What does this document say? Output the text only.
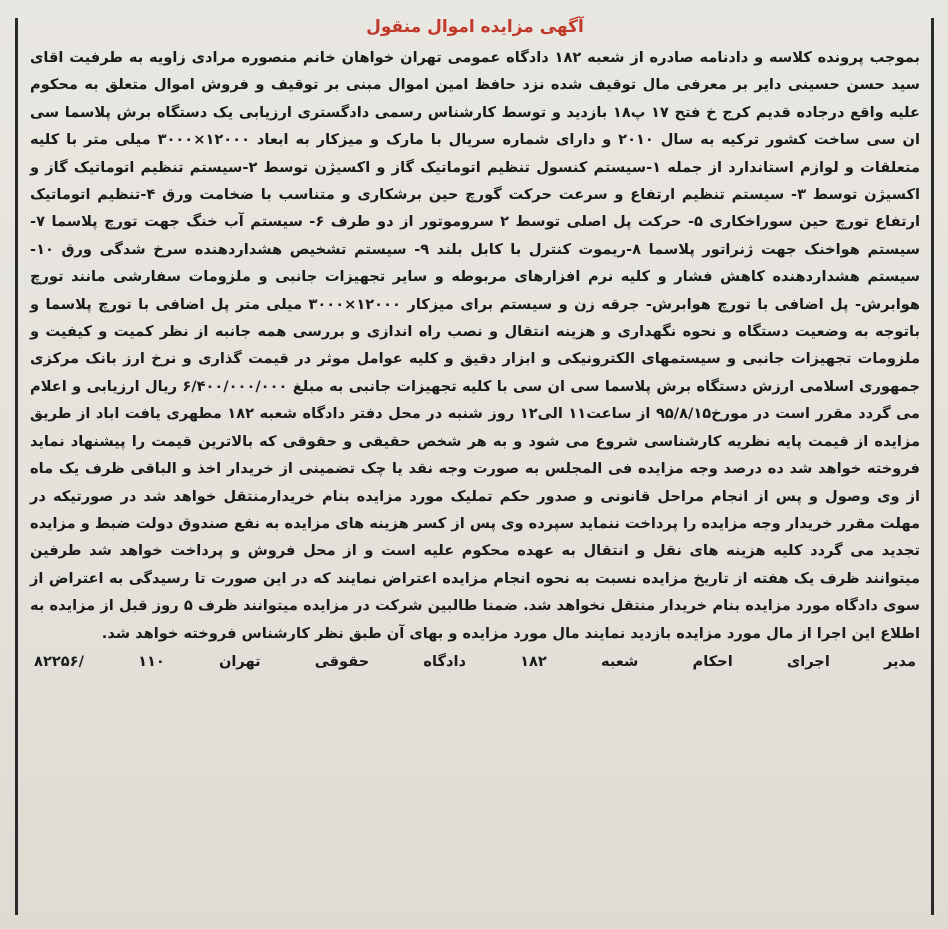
آگهی مزایده اموال منقول

بموجب پرونده کلاسه و دادنامه صادره از شعبه ۱۸۲ دادگاه عمومی تهران خواهان خانم منصوره مرادی زاویه به طرفیت اقای سید حسن حسینی دایر بر معرفی مال توقیف شده نزد حافظ امین اموال مبنی بر توقیف و فروش اموال متعلق به محکوم علیه واقع درجاده قدیم کرج خ فتح ۱۷ پ۱۸ بازدید و توسط کارشناس رسمی دادگستری ارزیابی یک دستگاه برش پلاسما سی ان سی ساخت کشور ترکیه به سال ۲۰۱۰ و دارای شماره سریال با مارک و میزکار به ابعاد ۱۲۰۰۰×۳۰۰۰ میلی متر با کلیه متعلقات و لوازم استاندارد از جمله ۱-سیستم کنسول تنظیم اتوماتیک گاز و اکسیژن توسط ۲-سیستم تنظیم اتوماتیک گاز و اکسیژن توسط ۳- سیستم تنظیم ارتفاع و سرعت حرکت گورچ حین برشکاری و متناسب با ضخامت ورق ۴-تنظیم اتوماتیک ارتفاع تورچ حین سوراخکاری ۵- حرکت پل اصلی توسط ۲ سروموتور از دو طرف ۶- سیستم آب خنگ جهت تورچ پلاسما ۷-سیستم هواخنک جهت ژنراتور پلاسما ۸-ریموت کنترل با کابل بلند ۹- سیستم تشخیص هشداردهنده سرخ شدگی ورق ۱۰-سیستم هشداردهنده کاهش فشار و کلیه نرم افزارهای مربوطه و سایر تجهیزات جانبی و ملزومات سفارشی مانند تورچ هوابرش- پل اضافی با تورچ هوابرش- جرقه زن و سیستم برای میزکار ۱۲۰۰۰×۳۰۰۰ میلی متر پل اضافی با تورچ پلاسما و باتوجه به وضعیت دستگاه و نحوه نگهداری و هزینه انتقال و نصب راه اندازی و بررسی همه جانبه از نظر کمیت و کیفیت و ملزومات تجهیزات جانبی و سیستمهای الکترونیکی و ابزار دقیق و کلیه عوامل موثر در قیمت گذاری و نرخ ارز بانک مرکزی جمهوری اسلامی ارزش دستگاه برش پلاسما سی ان سی با کلیه تجهیزات جانبی به مبلغ ۶/۴۰۰/۰۰۰/۰۰۰ ریال ارزیابی و اعلام می گردد مقرر است در مورخ۹۵/۸/۱۵ از ساعت۱۱ الی۱۲ روز شنبه در محل دفتر دادگاه شعبه ۱۸۲ مطهری یافت اباد از طریق مزایده از قیمت پایه نظریه کارشناسی شروع می شود و به هر شخص حقیقی و حقوقی که بالاترین قیمت را پیشنهاد نماید فروخته خواهد شد ده درصد وجه مزایده فی المجلس به صورت وجه نقد یا چک تضمینی از خریدار اخذ و الباقی ظرف یک ماه از وی وصول و پس از انجام مراحل قانونی و صدور حکم تملیک مورد مزایده بنام خریدارمنتقل خواهد شد در صورتیکه در مهلت مقرر خریدار وجه مزایده را پرداخت ننماید سپرده وی پس از کسر هزینه های مزایده به نفع صندوق دولت ضبط و مزایده تجدید می گردد کلیه هزینه های نقل و انتقال به عهده محکوم علیه است و از محل فروش و پرداخت خواهد شد طرفین میتوانند ظرف یک هفته از تاریخ مزایده نسبت به نحوه انجام مزایده اعتراض نمایند که در این صورت تا رسیدگی به اعتراض از سوی دادگاه مورد مزایده بنام خریدار منتقل نخواهد شد. ضمنا طالبین شرکت در مزایده میتوانند ظرف ۵ روز قبل از مزایده به اطلاع این اجرا از مال مورد مزایده بازدید نمایند مال مورد مزایده و بهای آن طبق نظر کارشناس فروخته خواهد شد.

مدیر
اجرای
احکام
شعبه
۱۸۲
دادگاه
حقوقی
تهران
۱۱۰
/۸۲۲۵۶
